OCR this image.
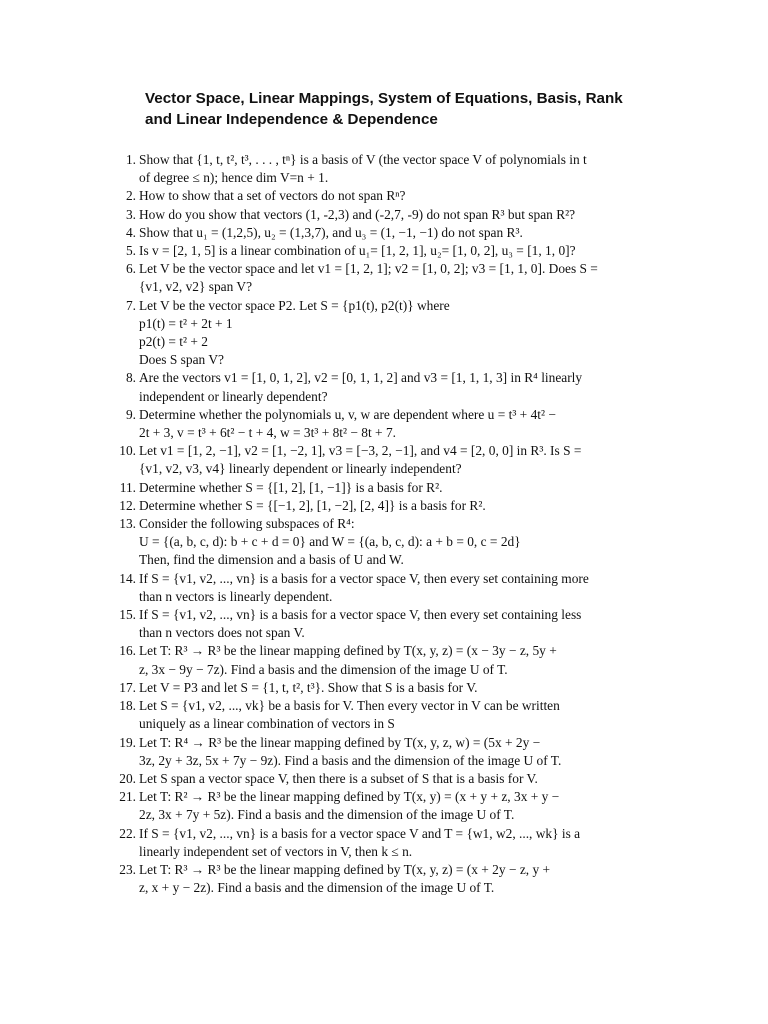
Vector Space, Linear Mappings, System of Equations, Basis, Rank
and Linear Independence & Dependence
1. Show that {1, t, t², t³, . . . , tⁿ} is a basis of V (the vector space V of polynomials in t
of degree ≤ n); hence dim V=n + 1.
2. How to show that a set of vectors do not span Rⁿ?
3. How do you show that vectors (1, -2,3) and (-2,7, -9) do not span R³ but span R²?
4. Show that u₁ = (1,2,5), u₂ = (1,3,7), and u₃ = (1, −1, −1) do not span R³.
5. Is v = [2, 1, 5] is a linear combination of u₁= [1, 2, 1], u₂= [1, 0, 2], u₃ = [1, 1, 0]?
6. Let V be the vector space and let v1 = [1, 2, 1]; v2 = [1, 0, 2]; v3 = [1, 1, 0]. Does S =
{v1, v2, v2} span V?
7. Let V be the vector space P2. Let S = {p1(t), p2(t)} where
p1(t) = t² + 2t + 1
p2(t) = t² + 2
Does S span V?
8. Are the vectors v1 = [1, 0, 1, 2], v2 = [0, 1, 1, 2] and v3 = [1, 1, 1, 3] in R⁴ linearly
independent or linearly dependent?
9. Determine whether the polynomials u, v, w are dependent where u = t³ + 4t² −
2t + 3, v = t³ + 6t² − t + 4, w = 3t³ + 8t² − 8t + 7.
10. Let v1 = [1, 2, −1], v2 = [1, −2, 1], v3 = [−3, 2, −1], and v4 = [2, 0, 0] in R³. Is S =
{v1, v2, v3, v4} linearly dependent or linearly independent?
11. Determine whether S = {[1, 2], [1, −1]} is a basis for R².
12. Determine whether S = {[−1, 2], [1, −2], [2, 4]} is a basis for R².
13. Consider the following subspaces of R⁴:
U = {(a, b, c, d): b + c + d = 0} and W = {(a, b, c, d): a + b = 0, c = 2d}
Then, find the dimension and a basis of U and W.
14. If S = {v1, v2, ..., vn} is a basis for a vector space V, then every set containing more
than n vectors is linearly dependent.
15. If S = {v1, v2, ..., vn} is a basis for a vector space V, then every set containing less
than n vectors does not span V.
16. Let T: R³ → R³ be the linear mapping defined by T(x, y, z) = (x − 3y − z, 5y +
z, 3x − 9y − 7z). Find a basis and the dimension of the image U of T.
17. Let V = P3 and let S = {1, t, t², t³}. Show that S is a basis for V.
18. Let S = {v1, v2, ..., vk} be a basis for V. Then every vector in V can be written
uniquely as a linear combination of vectors in S
19. Let T: R⁴ → R³ be the linear mapping defined by T(x, y, z, w) = (5x + 2y −
3z, 2y + 3z, 5x + 7y − 9z). Find a basis and the dimension of the image U of T.
20. Let S span a vector space V, then there is a subset of S that is a basis for V.
21. Let T: R² → R³ be the linear mapping defined by T(x, y) = (x + y + z, 3x + y −
2z, 3x + 7y + 5z). Find a basis and the dimension of the image U of T.
22. If S = {v1, v2, ..., vn} is a basis for a vector space V and T = {w1, w2, ..., wk} is a
linearly independent set of vectors in V, then k ≤ n.
23. Let T: R³ → R³ be the linear mapping defined by T(x, y, z) = (x + 2y − z, y +
z, x + y − 2z). Find a basis and the dimension of the image U of T.
